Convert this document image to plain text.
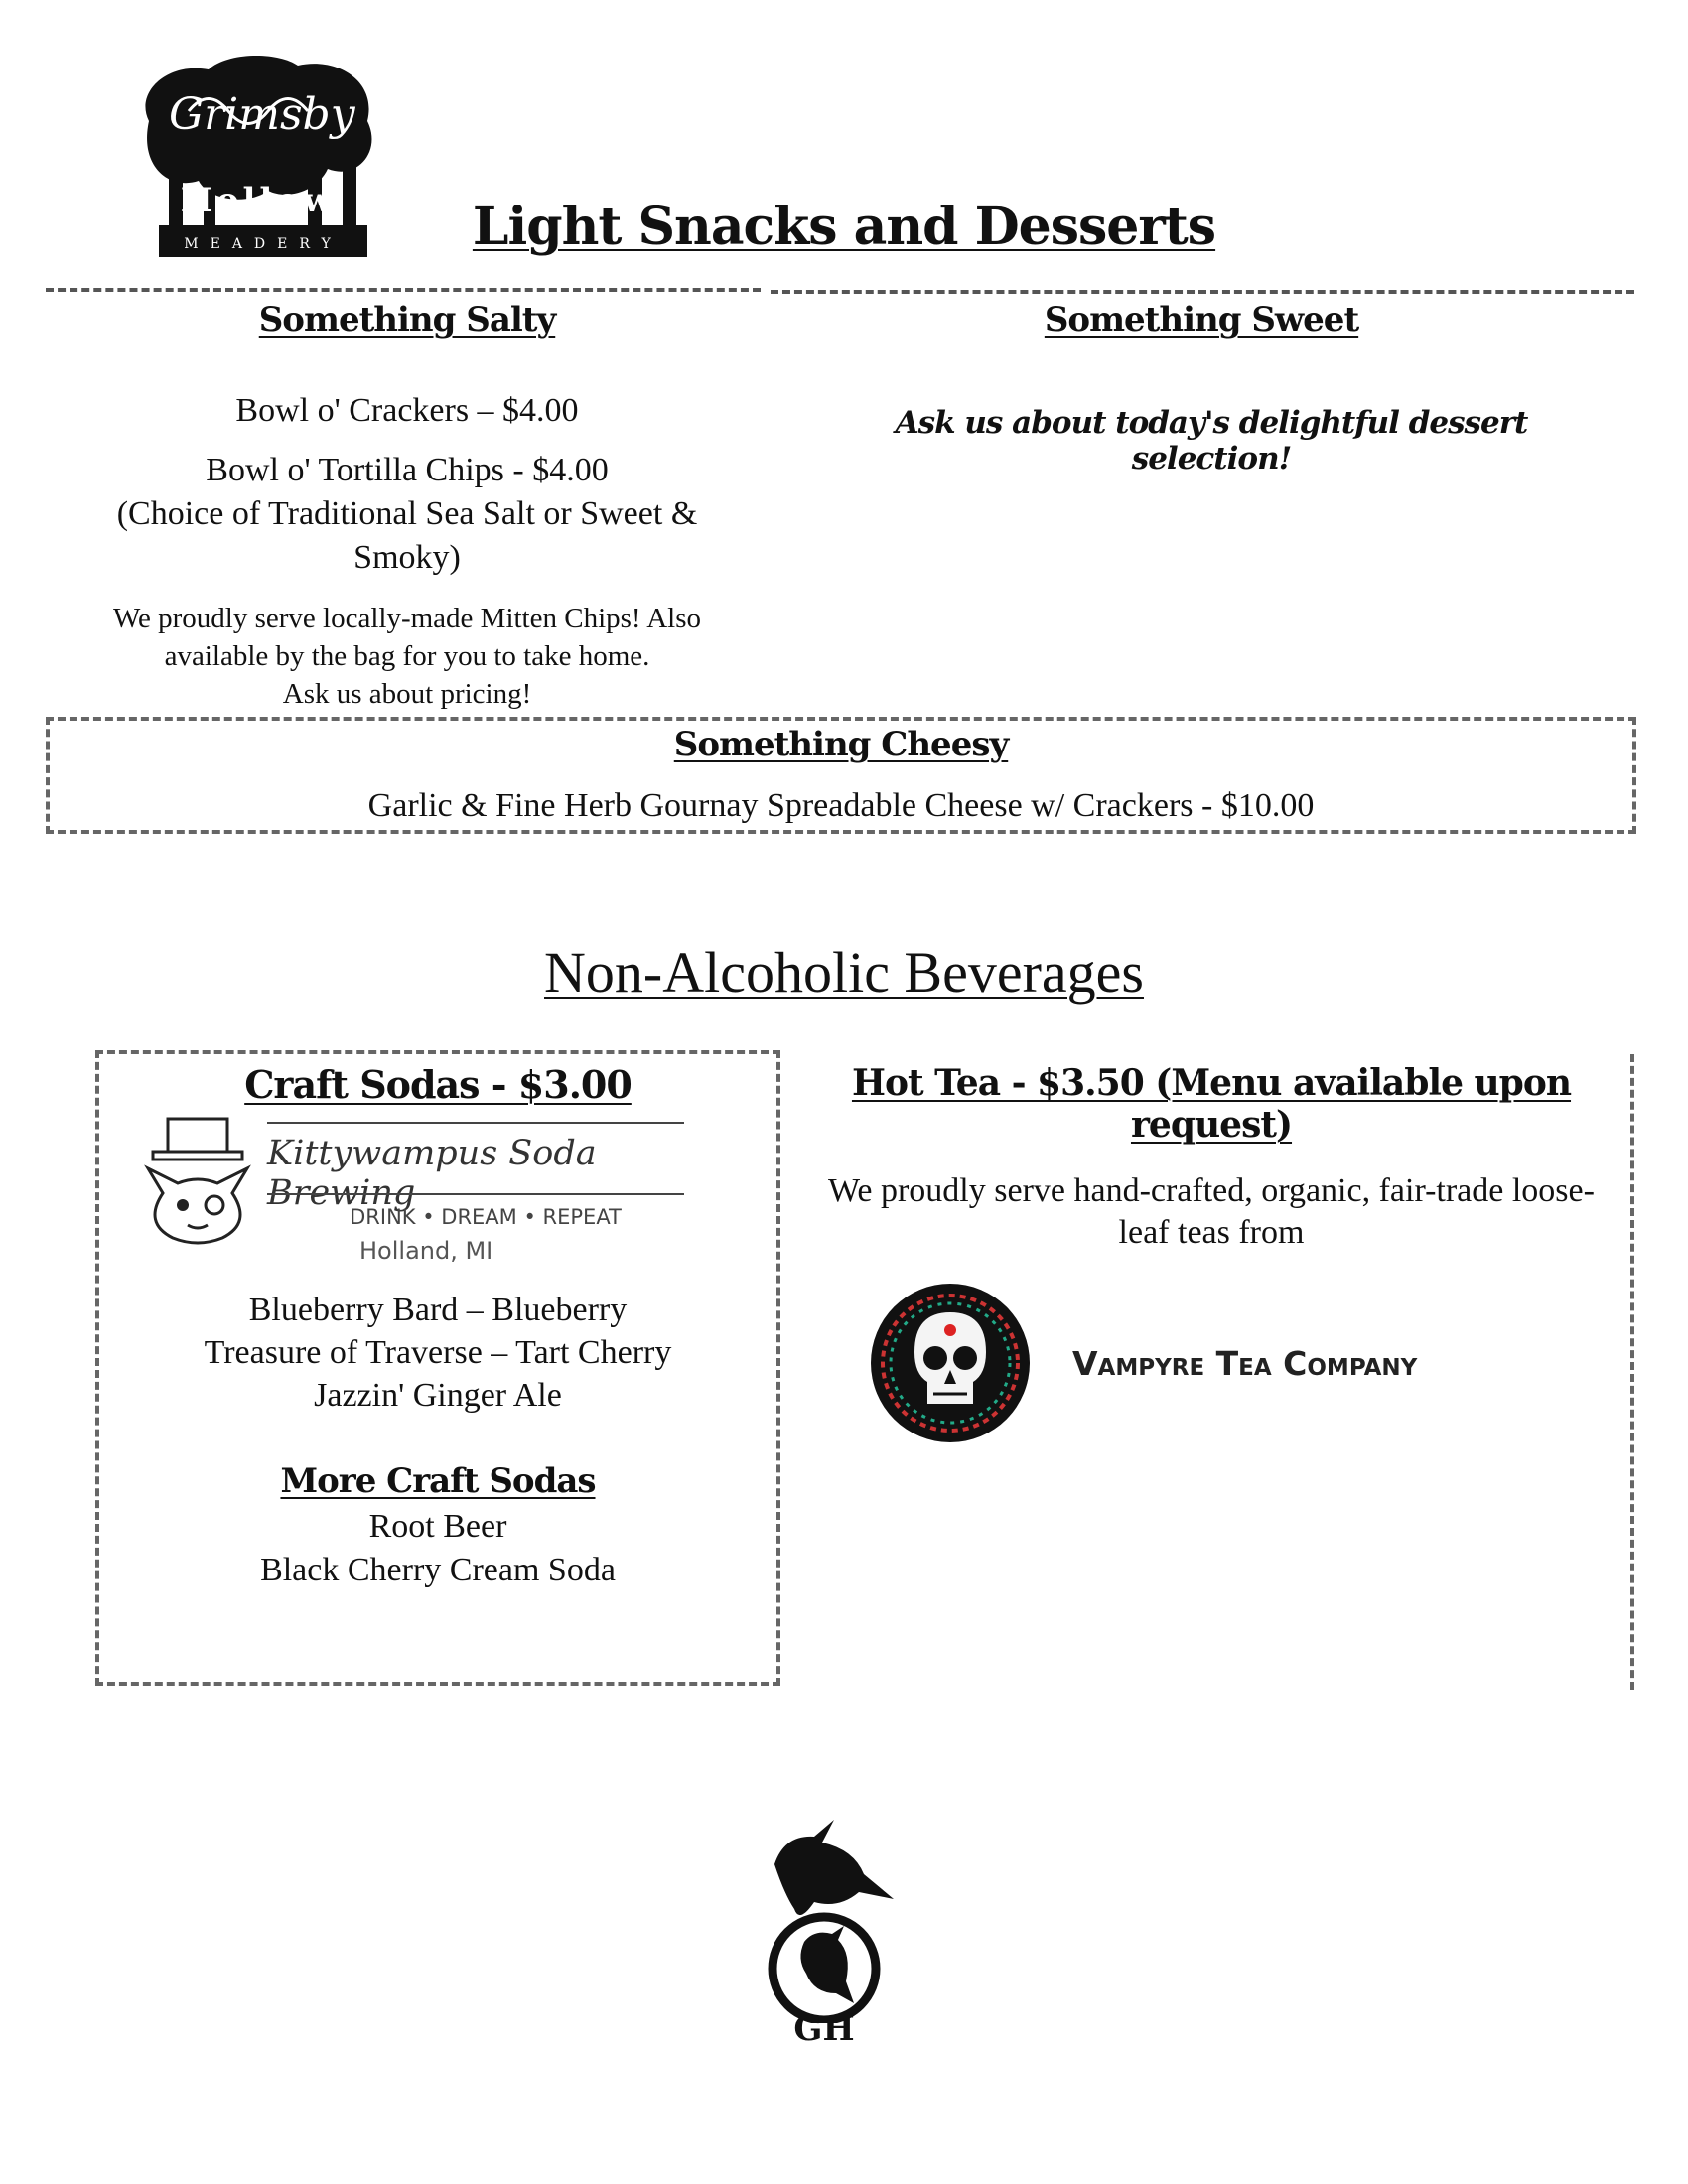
Grimsby
Hollow
MEADERY	Light Snacks and Desserts
Something Salty
Bowl o' Crackers – $4.00
Bowl o' Tortilla Chips - $4.00
(Choice of Traditional Sea Salt or Sweet &
Smoky)
We proudly serve locally-made Mitten Chips! Also
available by the bag for you to take home.
Ask us about pricing!
Something Sweet
Ask us about today's delightful dessert selection!
Something Cheesy
Garlic & Fine Herb Gournay Spreadable Cheese w/ Crackers - $10.00
Non-Alcoholic Beverages
Craft Sodas - $3.00
Kittywampus Soda Brewing
DRINK • DREAM • REPEAT
Holland, MI
Blueberry Bard – Blueberry
Treasure of Traverse – Tart Cherry
Jazzin' Ginger Ale
More Craft Sodas
Root Beer
Black Cherry Cream Soda
Hot Tea - $3.50 (Menu available upon request)
We proudly serve hand-crafted, organic, fair-trade loose-
leaf teas from
Vampyre Tea Company
GH
